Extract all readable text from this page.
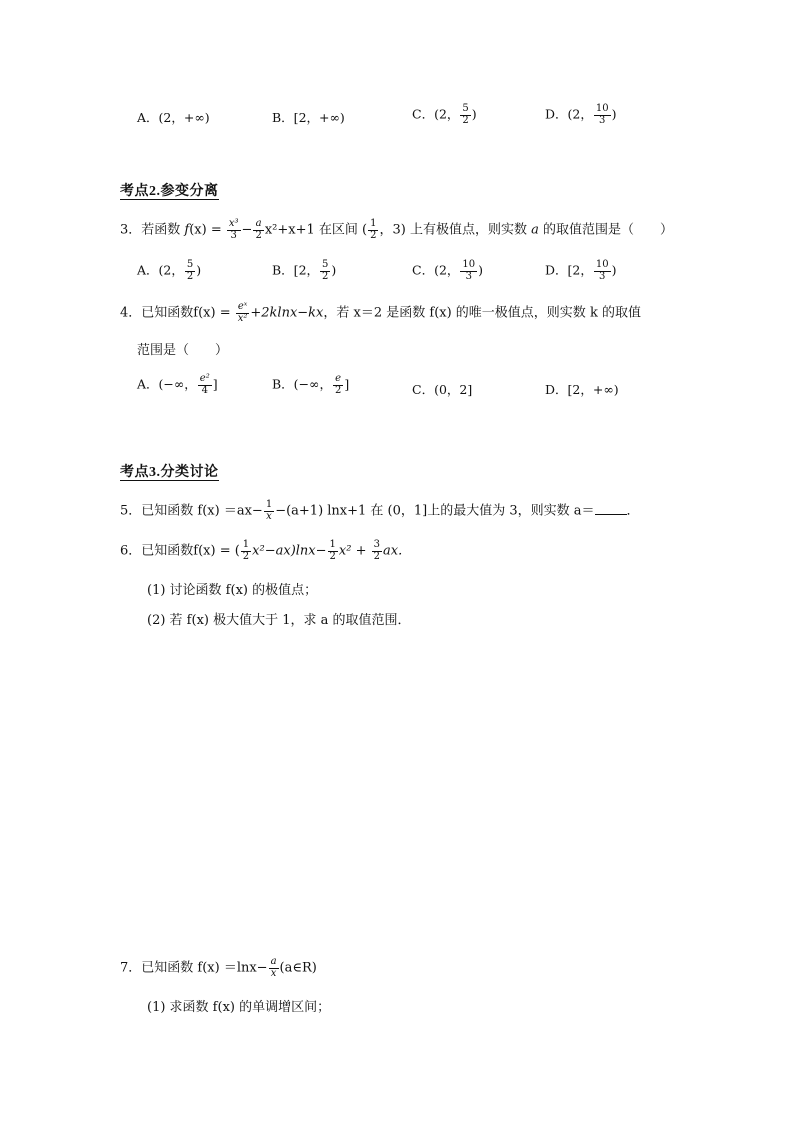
A．(2，+∞)	B．[2，+∞)	C．(2， $\frac{5}{2}$ )	D．(2， $\frac{10}{3}$ )
考点2.参变分离
3．若函数 $f(x) = \frac{\text{x³}}{3} - \frac{a}{2} x^2+x+1$ 在区间 ( $\frac{1}{2}$ ，3) 上有极值点，则实数 a 的取值范围是（　　）
A．(2， $\frac{5}{2}$ )	B．[2， $\frac{5}{2}$ )	C．(2， $\frac{10}{3}$ )	D．[2， $\frac{10}{3}$ )
4．已知函数$f(x) = \frac{\text{eˣ}}{\text{x²}} +2klnx-kx$，若 x＝2 是函数 f(x) 的唯一极值点，则实数 k 的取值
范围是（　　）
A．(−∞， $\frac{\text{e²}}{4}$ ]	B．(−∞， $\frac{e}{2}$ ]	C．(0，2]	D．[2，+∞)
考点3.分类讨论
5．已知函数 $f(x) =ax- \frac{1}{x} -(a+1)$ lnx+1 在 (0，1]上的最大值为 3，则实数 a＝ ．
6．已知函数f(x) = ( $\frac{1}{2} x^2-ax)\ln x- \frac{1}{2} x^2 + \frac{3}{2}$ ax．
(1) 讨论函数 f(x) 的极值点；
(2) 若 f(x) 极大值大于 1，求 a 的取值范围．
7．已知函数 $f(x) =\ln x- \frac{a}{x}$ (a∈R)
(1) 求函数 f(x) 的单调增区间；
